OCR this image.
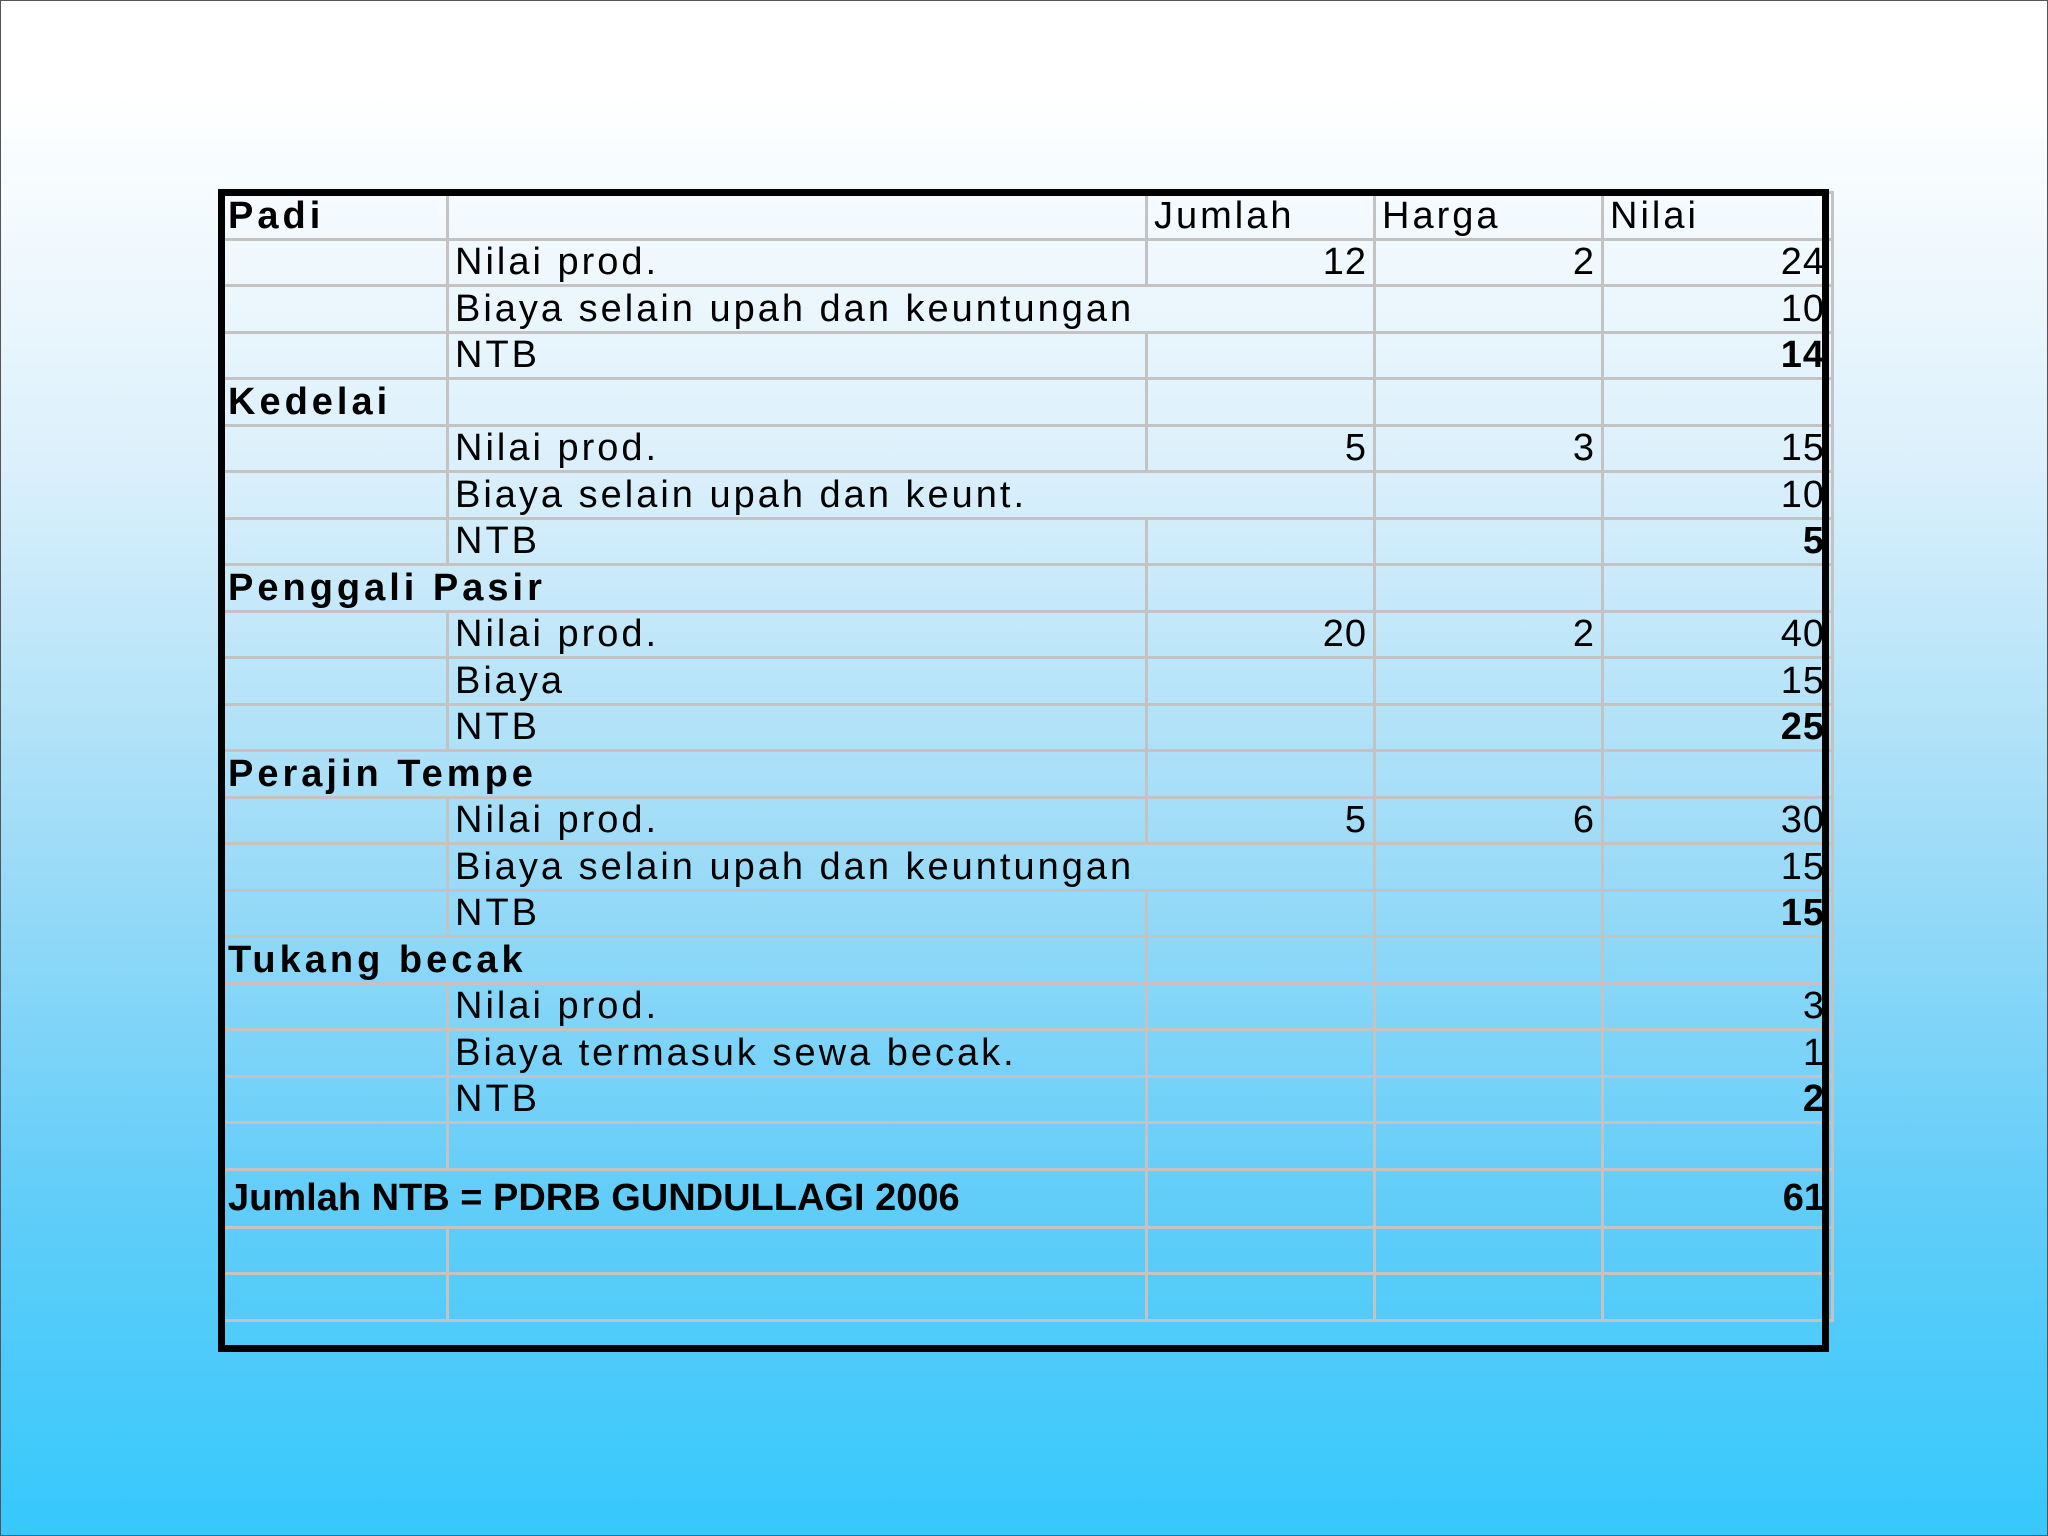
Padi		Jumlah	Harga	Nilai
	Nilai prod.	12	2	24
	Biaya selain upah dan keuntungan			10
	NTB			14
Kedelai				
	Nilai prod.	5	3	15
	Biaya selain upah dan keunt.			10
	NTB			5
Penggali Pasir				
	Nilai prod.	20	2	40
	Biaya			15
	NTB			25
Perajin Tempe				
	Nilai prod.	5	6	30
	Biaya selain upah dan keuntungan			15
	NTB			15
Tukang becak				
	Nilai prod.			3
	Biaya termasuk sewa becak.			1
	NTB			2

Jumlah NTB = PDRB GUNDULLAGI 2006				61
